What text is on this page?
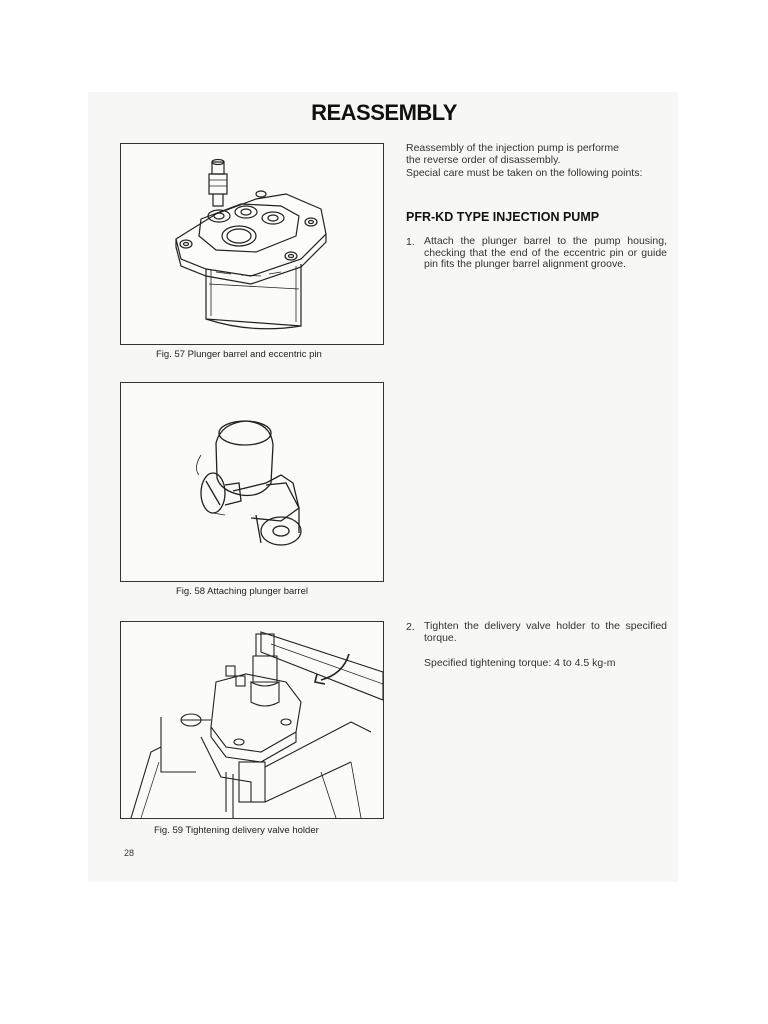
REASSEMBLY
Fig. 57 Plunger barrel and eccentric pin
Fig. 58 Attaching plunger barrel
Fig. 59 Tightening delivery valve holder
Reassembly of the injection pump is performe
the reverse order of disassembly.
Special care must be taken on the following points:
PFR-KD TYPE INJECTION PUMP
1. Attach the plunger barrel to the pump housing, checking that the end of the eccentric pin or guide pin fits the plunger barrel alignment groove.
2. Tighten the delivery valve holder to the specified torque.
Specified tightening torque: 4 to 4.5 kg-m
28
